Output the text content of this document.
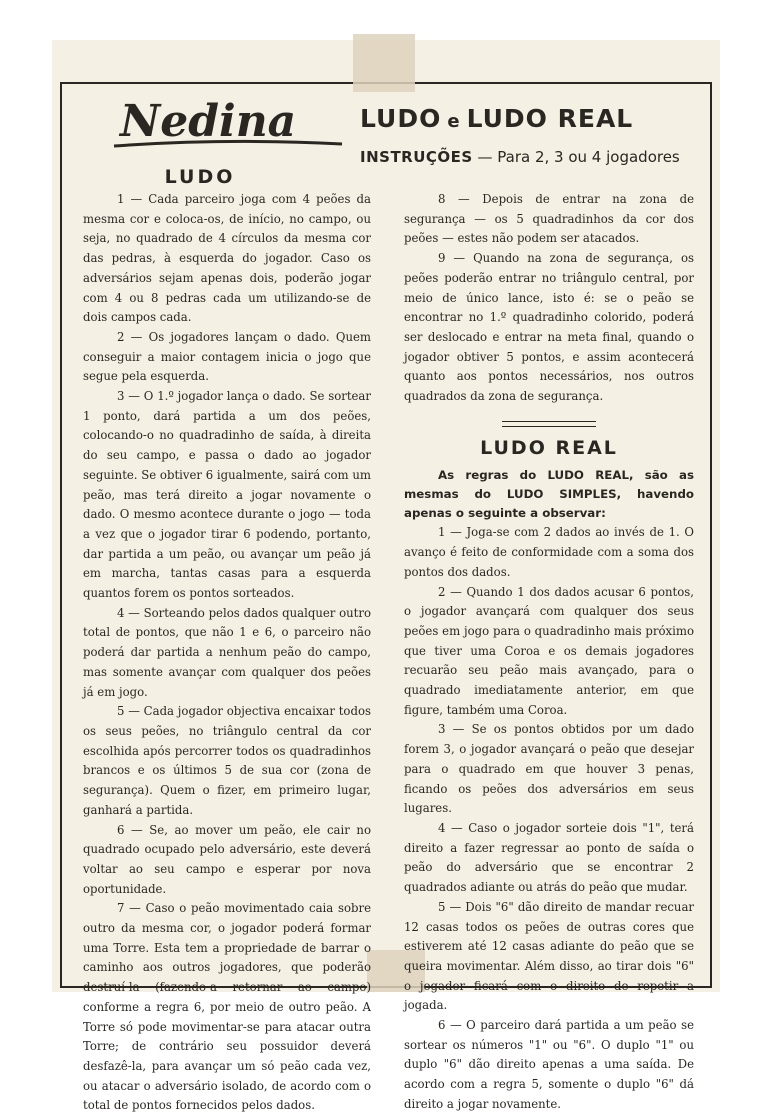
Nedina	LUDO e LUDO REAL
INSTRUÇÕES — Para 2, 3 ou 4 jogadores
LUDO

1 — Cada parceiro joga com 4 peões da mesma cor e coloca-os, de início, no campo, ou seja, no quadrado de 4 círculos da mesma cor das pedras, à esquerda do jogador. Caso os adversários sejam apenas dois, poderão jogar com 4 ou 8 pedras cada um utilizando-se de dois campos cada.

2 — Os jogadores lançam o dado. Quem conseguir a maior contagem inicia o jogo que segue pela esquerda.

3 — O 1.º jogador lança o dado. Se sortear 1 ponto, dará partida a um dos peões, colocando-o no quadradinho de saída, à direita do seu campo, e passa o dado ao jogador seguinte. Se obtiver 6 igualmente, sairá com um peão, mas terá direito a jogar novamente o dado. O mesmo acontece durante o jogo — toda a vez que o jogador tirar 6 podendo, portanto, dar partida a um peão, ou avançar um peão já em marcha, tantas casas para a esquerda quantos forem os pontos sorteados.

4 — Sorteando pelos dados qualquer outro total de pontos, que não 1 e 6, o parceiro não poderá dar partida a nenhum peão do campo, mas somente avançar com qualquer dos peões já em jogo.

5 — Cada jogador objectiva encaixar todos os seus peões, no triângulo central da cor escolhida após percorrer todos os quadradinhos brancos e os últimos 5 de sua cor (zona de segurança). Quem o fizer, em primeiro lugar, ganhará a partida.

6 — Se, ao mover um peão, ele cair no quadrado ocupado pelo adversário, este deverá voltar ao seu campo e esperar por nova oportunidade.

7 — Caso o peão movimentado caia sobre outro da mesma cor, o jogador poderá formar uma Torre. Esta tem a propriedade de barrar o caminho aos outros jogadores, que poderão destruí-la (fazendo-a retornar ao campo) conforme a regra 6, por meio de outro peão. A Torre só pode movimentar-se para atacar outra Torre; de contrário seu possuidor deverá desfazê-la, para avançar um só peão cada vez, ou atacar o adversário isolado, de acordo com o total de pontos fornecidos pelos dados.

8 — Depois de entrar na zona de segurança — os 5 quadradinhos da cor dos peões — estes não podem ser atacados.

9 — Quando na zona de segurança, os peões poderão entrar no triângulo central, por meio de único lance, isto é: se o peão se encontrar no 1.º quadradinho colorido, poderá ser deslocado e entrar na meta final, quando o jogador obtiver 5 pontos, e assim acontecerá quanto aos pontos necessários, nos outros quadrados da zona de segurança.

LUDO REAL

As regras do LUDO REAL, são as mesmas do LUDO SIMPLES, havendo apenas o seguinte a observar:

1 — Joga-se com 2 dados ao invés de 1. O avanço é feito de conformidade com a soma dos pontos dos dados.

2 — Quando 1 dos dados acusar 6 pontos, o jogador avançará com qualquer dos seus peões em jogo para o quadradinho mais próximo que tiver uma Coroa e os demais jogadores recuarão seu peão mais avançado, para o quadrado imediatamente anterior, em que figure, também uma Coroa.

3 — Se os pontos obtidos por um dado forem 3, o jogador avançará o peão que desejar para o quadrado em que houver 3 penas, ficando os peões dos adversários em seus lugares.

4 — Caso o jogador sorteie dois "1", terá direito a fazer regressar ao ponto de saída o peão do adversário que se encontrar 2 quadrados adiante ou atrás do peão que mudar.

5 — Dois "6" dão direito de mandar recuar 12 casas todos os peões de outras cores que estiverem até 12 casas adiante do peão que se queira movimentar. Além disso, ao tirar dois "6" o jogador ficará com o direito de repetir a jogada.

6 — O parceiro dará partida a um peão se sortear os números "1" ou "6". O duplo "1" ou duplo "6" dão direito apenas a uma saída. De acordo com a regra 5, somente o duplo "6" dá direito a jogar novamente.
